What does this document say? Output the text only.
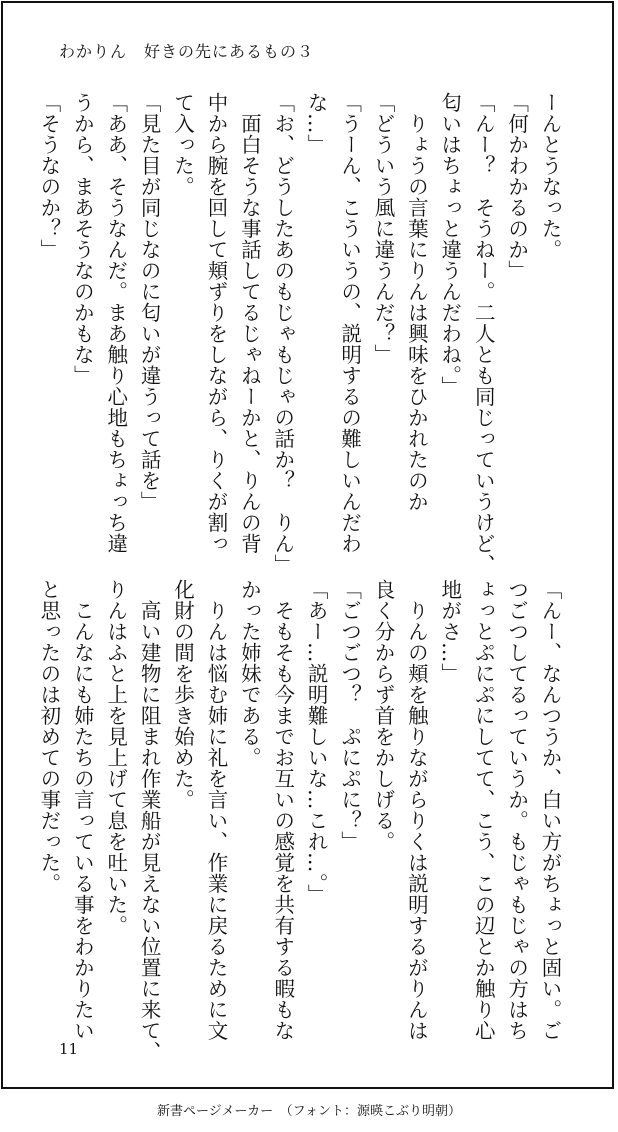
わかりん　好きの先にあるもの３
ーんとうなった。
「何かわかるのか」
「んー？　そうねー。二人とも同じっていうけど、
匂いはちょっと違うんだわね。」
　りょうの言葉にりんは興味をひかれたのか
「どういう風に違うんだ？」
「うーん、こういうの、説明するの難しいんだわ
な…」
「お、どうしたあのもじゃもじゃの話か？　りん」
　面白そうな事話してるじゃねーかと、りんの背
中から腕を回して頬ずりをしながら、りくが割っ
て入った。
「見た目が同じなのに匂いが違うって話を」
「ああ、そうなんだ。まあ触り心地もちょっち違
うから、まあそうなのかもな」
「そうなのか？」
「んー、なんつうか、白い方がちょっと固い。ご
つごつしてるっていうか。もじゃもじゃの方はち
ょっとぷにぷにしてて、こう、この辺とか触り心
地がさ…」
　りんの頬を触りながらりくは説明するがりんは
良く分からず首をかしげる。
「ごつごつ？　ぷにぷに？」
「あー…説明難しいな…これ…。」
　そもそも今までお互いの感覚を共有する暇もな
かった姉妹である。
　りんは悩む姉に礼を言い、作業に戻るために文
化財の間を歩き始めた。
　高い建物に阻まれ作業船が見えない位置に来て、
りんはふと上を見上げて息を吐いた。
　こんなにも姉たちの言っている事をわかりたい
と思ったのは初めての事だった。
11
新書ページメーカー　（フォント：源暎こぶり明朝）
